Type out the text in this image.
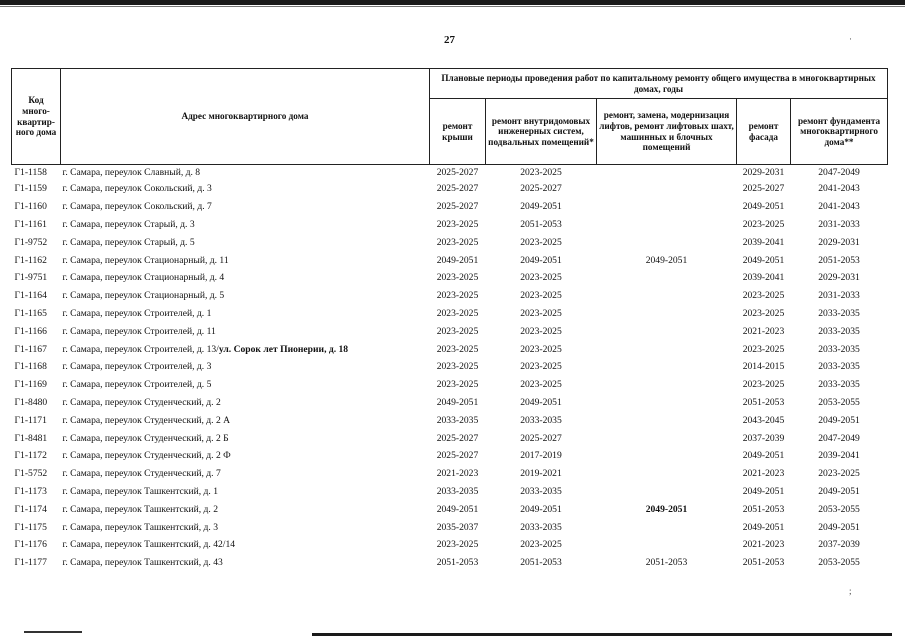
27	·
;
Код много-квартир-ного дома	Адрес многоквартирного дома	Плановые периоды проведения работ по капитальному ремонту общего имущества в многоквартирных домах, годы				
		ремонт крыши	ремонт внутридомовых инженерных систем, подвальных помещений*	ремонт, замена, модернизация лифтов, ремонт лифтовых шахт, машинных и блочных помещений	ремонт фасада	ремонт фундамента многоквартирного дома**
Г1-1158	г. Самара, переулок Славный, д. 8	2025-2027	2023-2025		2029-2031	2047-2049
Г1-1159	г. Самара, переулок Сокольский, д. 3	2025-2027	2025-2027		2025-2027	2041-2043
Г1-1160	г. Самара, переулок Сокольский, д. 7	2025-2027	2049-2051		2049-2051	2041-2043
Г1-1161	г. Самара, переулок Старый, д. 3	2023-2025	2051-2053		2023-2025	2031-2033
Г1-9752	г. Самара, переулок Старый, д. 5	2023-2025	2023-2025		2039-2041	2029-2031
Г1-1162	г. Самара, переулок Стационарный, д. 11	2049-2051	2049-2051	2049-2051	2049-2051	2051-2053
Г1-9751	г. Самара, переулок Стационарный, д. 4	2023-2025	2023-2025		2039-2041	2029-2031
Г1-1164	г. Самара, переулок Стационарный, д. 5	2023-2025	2023-2025		2023-2025	2031-2033
Г1-1165	г. Самара, переулок Строителей, д. 1	2023-2025	2023-2025		2023-2025	2033-2035
Г1-1166	г. Самара, переулок Строителей, д. 11	2023-2025	2023-2025		2021-2023	2033-2035
Г1-1167	г. Самара, переулок Строителей, д. 13/ул. Сорок лет Пионерии, д. 18	2023-2025	2023-2025		2023-2025	2033-2035
Г1-1168	г. Самара, переулок Строителей, д. 3	2023-2025	2023-2025		2014-2015	2033-2035
Г1-1169	г. Самара, переулок Строителей, д. 5	2023-2025	2023-2025		2023-2025	2033-2035
Г1-8480	г. Самара, переулок Студенческий, д. 2	2049-2051	2049-2051		2051-2053	2053-2055
Г1-1171	г. Самара, переулок Студенческий, д. 2 А	2033-2035	2033-2035		2043-2045	2049-2051
Г1-8481	г. Самара, переулок Студенческий, д. 2 Б	2025-2027	2025-2027		2037-2039	2047-2049
Г1-1172	г. Самара, переулок Студенческий, д. 2 Ф	2025-2027	2017-2019		2049-2051	2039-2041
Г1-5752	г. Самара, переулок Студенческий, д. 7	2021-2023	2019-2021		2021-2023	2023-2025
Г1-1173	г. Самара, переулок Ташкентский, д. 1	2033-2035	2033-2035		2049-2051	2049-2051
Г1-1174	г. Самара, переулок Ташкентский, д. 2	2049-2051	2049-2051	2049-2051	2051-2053	2053-2055
Г1-1175	г. Самара, переулок Ташкентский, д. 3	2035-2037	2033-2035		2049-2051	2049-2051
Г1-1176	г. Самара, переулок Ташкентский, д. 42/14	2023-2025	2023-2025		2021-2023	2037-2039
Г1-1177	г. Самара, переулок Ташкентский, д. 43	2051-2053	2051-2053	2051-2053	2051-2053	2053-2055
